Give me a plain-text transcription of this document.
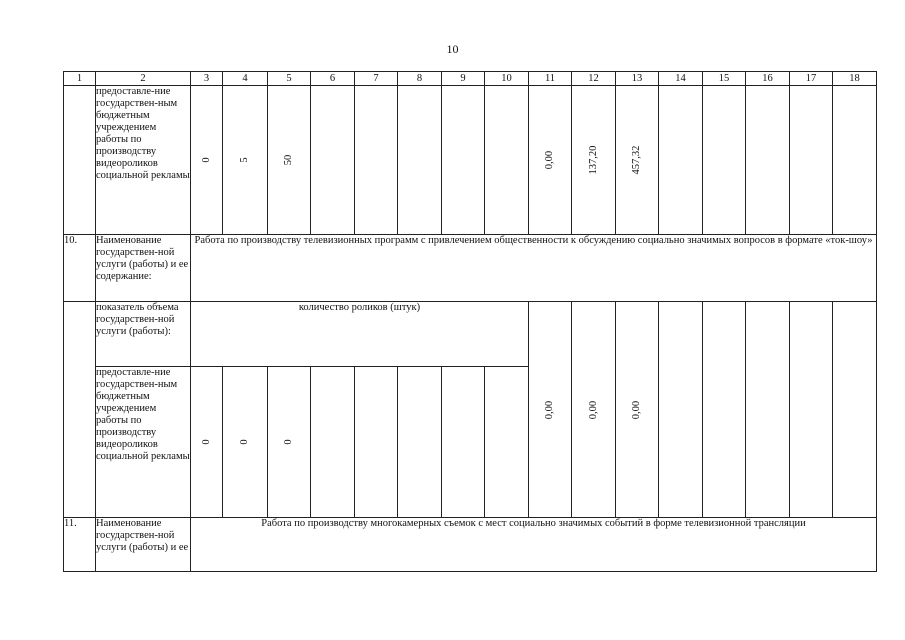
10
1	2	3	4	5	6	7	8	9	10	11	12	13	14	15	16	17	18
	предоставле-ние государствен-ным бюджетным учреждением работы по производству видеороликов социальной рекламы	0	5	50						0,00	137,20	457,32					

10.	Наименование государствен-ной услуги (работы) и ее содержание:	Работа по производству телевизионных программ с привлечением общественности к обсуждению социально значимых вопросов в формате «ток-шоу»															
	показатель объема государствен-ной услуги (работы):	количество роликов (штук)								0,00	0,00	0,00					

	предоставле-ние государствен-ным бюджетным учреждением работы по производству видеороликов социальной рекламы	0	0	0													

11.	Наименование государствен-ной услуги (работы) и ее	Работа по производству многокамерных съемок с мест социально значимых событий в форме телевизионной трансляции															
